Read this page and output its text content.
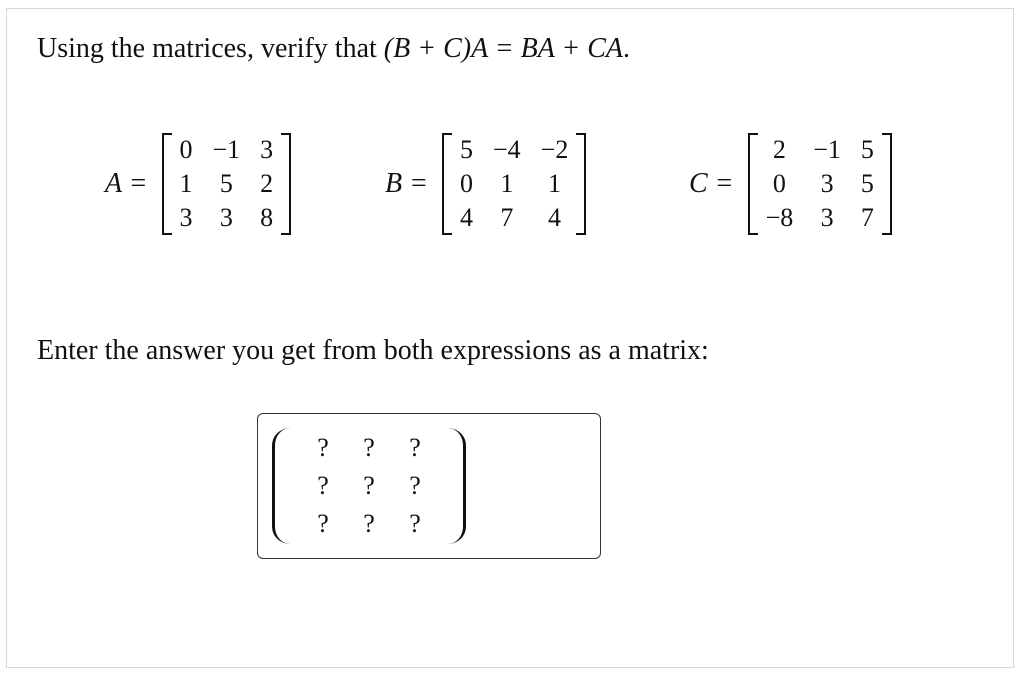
Using the matrices, verify that (B + C)A = BA + CA.
A =
0	−1	3
1	5	2
3	3	8
B =
5	−4	−2
0	1	1
4	7	4
C =
2	−1	5
0	3	5
−8	3	7
Enter the answer you get from both expressions as a matrix:
?	?	?
?	?	?
?	?	?
